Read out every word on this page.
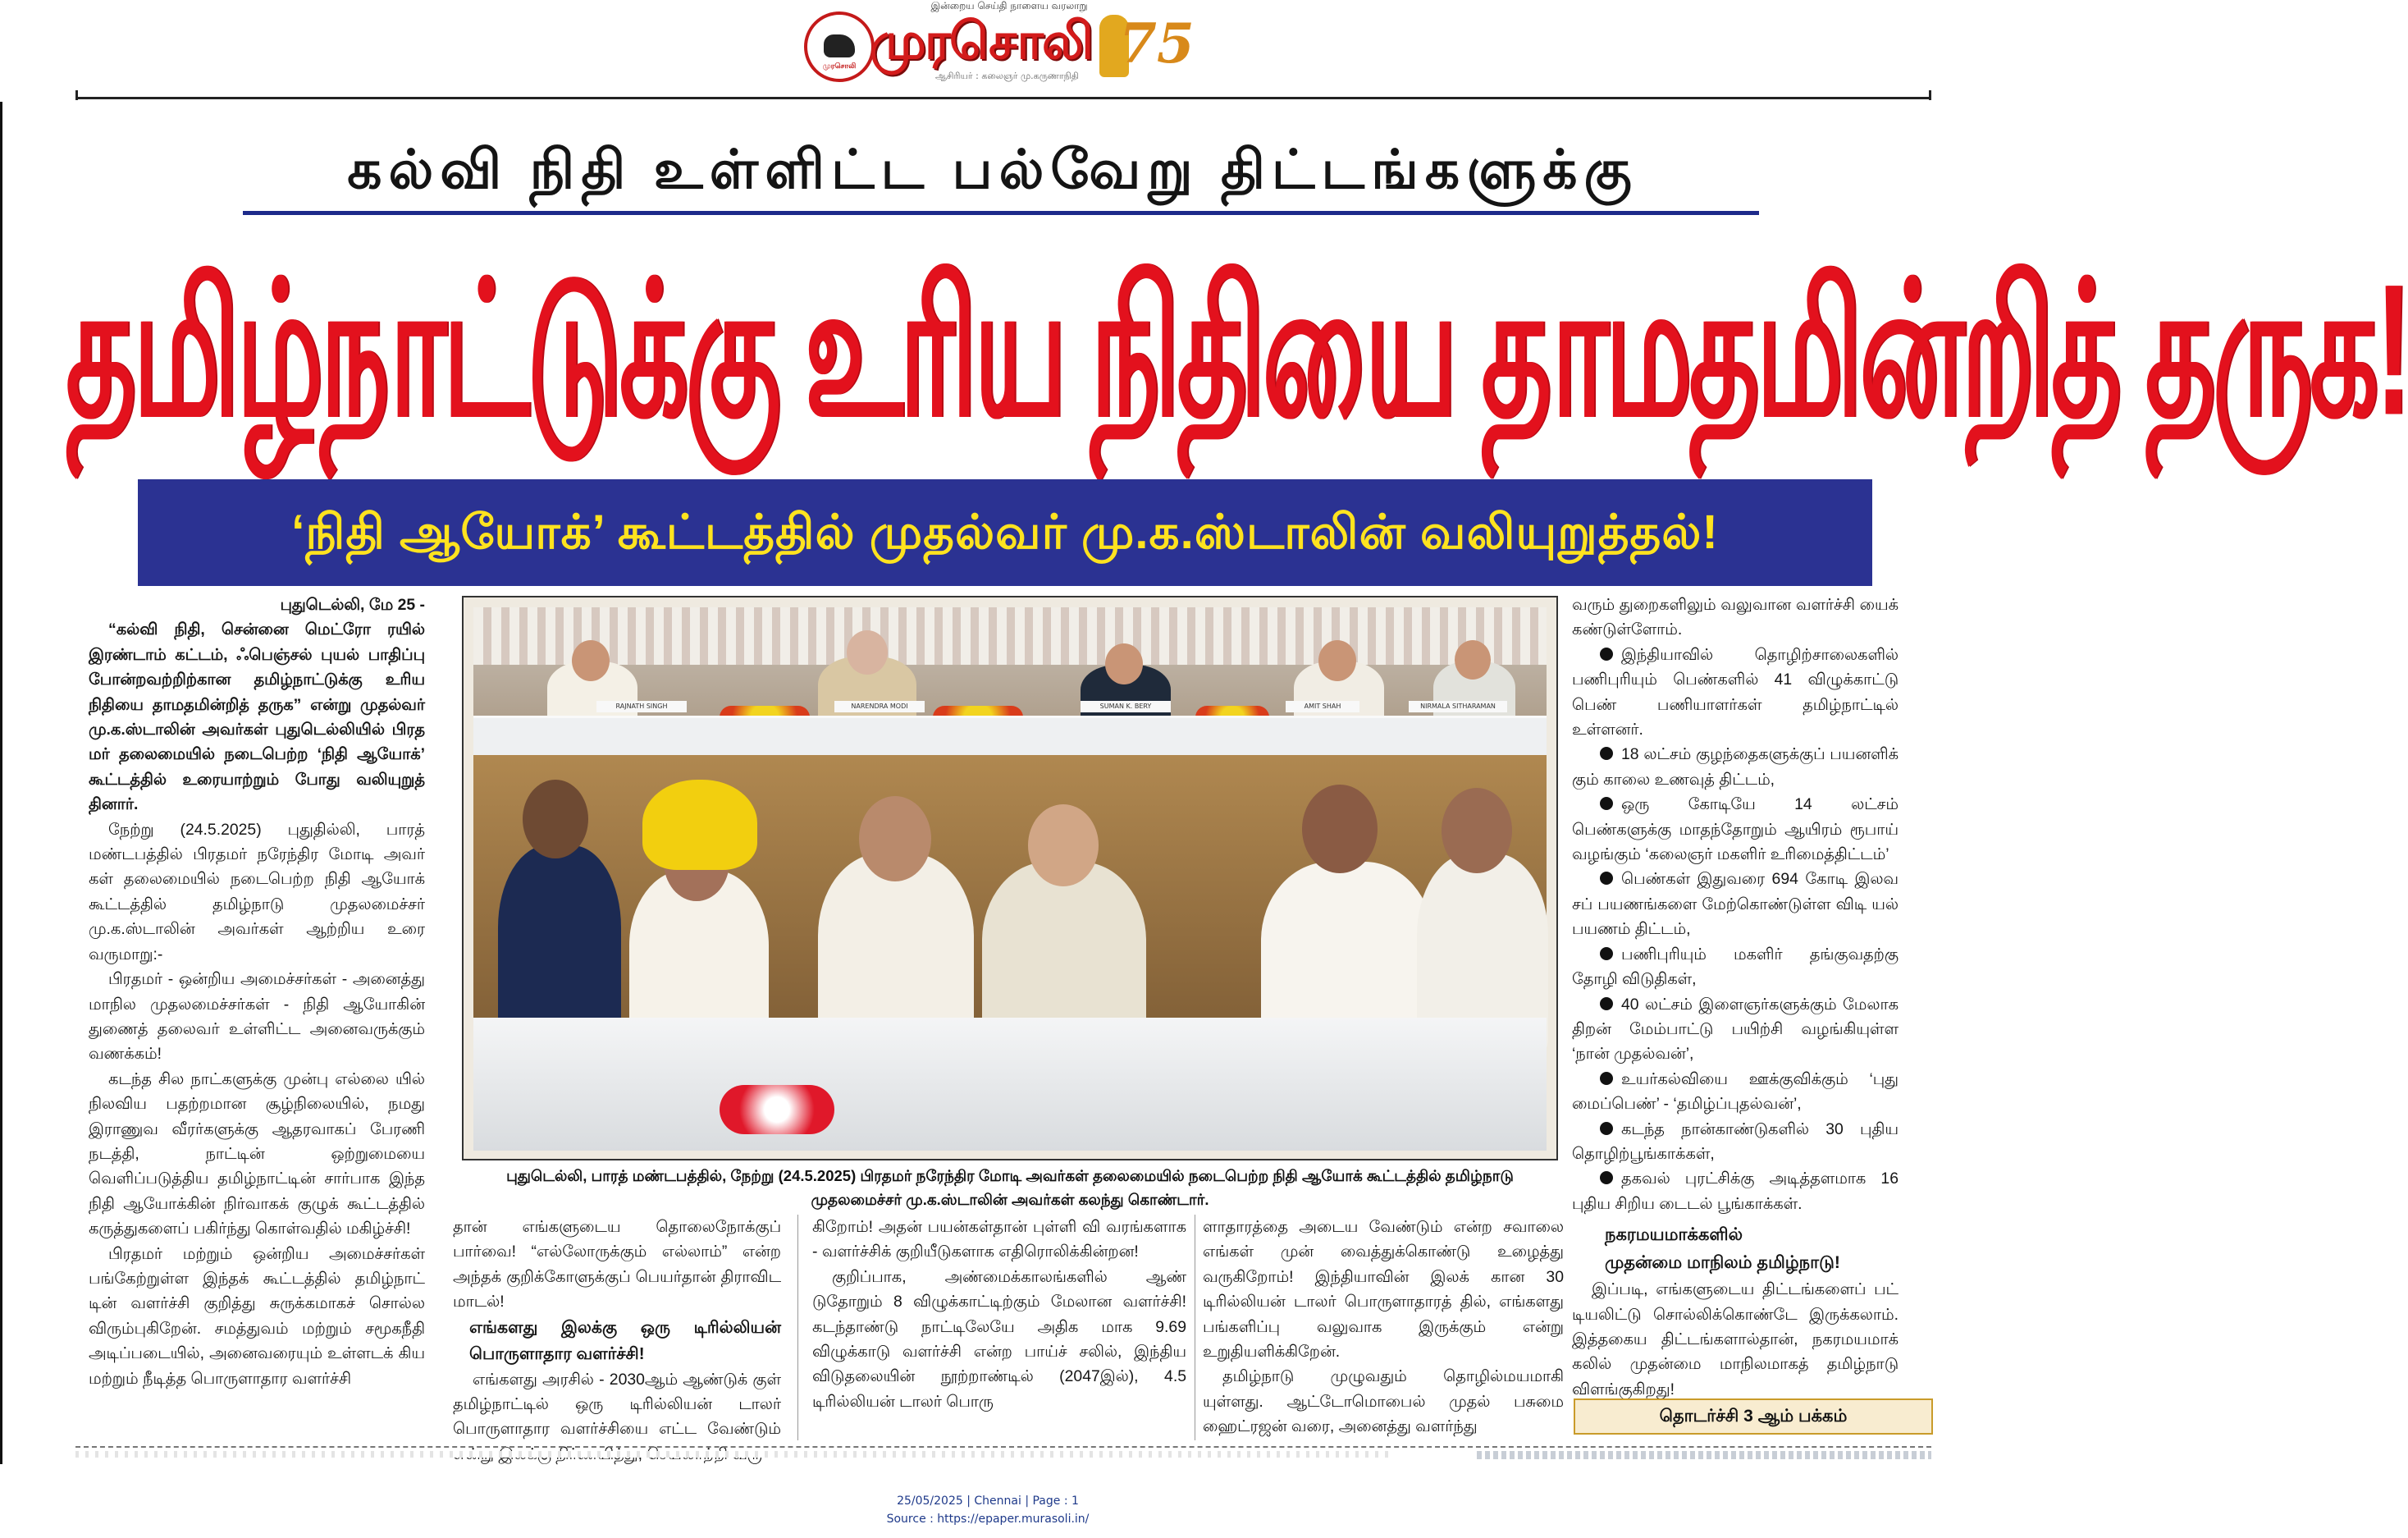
இன்றைய செய்தி நாளைய வரலாறு
முரசொலி முரசொலி
ஆசிரியர் : கலைஞர் மு.கருணாநிதி
75
கல்வி நிதி உள்ளிட்ட பல்வேறு திட்டங்களுக்கு
தமிழ்நாட்டுக்கு உரிய நிதியை தாமதமின்றித் தருக!
‘நிதி ஆயோக்’ கூட்டத்தில் முதல்வர் மு.க.ஸ்டாலின் வலியுறுத்தல்!

புதுடெல்லி, மே 25 -

“கல்வி நிதி, சென்னை மெட்ரோ ரயில் இரண்டாம் கட்டம், ஃபெஞ்சல் புயல் பாதிப்பு போன்றவற்றிற்கான தமிழ்நாட்டுக்கு உரிய நிதியை தாமதமின்றித் தருக” என்று முதல்வர் மு.க.ஸ்டாலின் அவர்கள் புதுடெல்லியில் பிரத மர் தலைமையில் நடைபெற்ற ‘நிதி ஆயோக்’ கூட்டத்தில் உரையாற்றும் போது வலியுறுத் தினார்.

நேற்று (24.5.2025) புதுதில்லி, பாரத் மண்டபத்தில் பிரதமர் நரேந்திர மோடி அவர் கள் தலைமையில் நடைபெற்ற நிதி ஆயோக் கூட்டத்தில் தமிழ்நாடு முதலமைச்சர் மு.க.ஸ்டாலின் அவர்கள் ஆற்றிய உரை வருமாறு:-

பிரதமர் - ஒன்றிய அமைச்சர்கள் - அனைத்து மாநில முதலமைச்சர்கள் - நிதி ஆயோகின் துணைத் தலைவர் உள்ளிட்ட அனைவருக்கும் வணக்கம்!

கடந்த சில நாட்களுக்கு முன்பு எல்லை யில் நிலவிய பதற்றமான சூழ்நிலையில், நமது இராணுவ வீரர்களுக்கு ஆதரவாகப் பேரணி நடத்தி, நாட்டின் ஒற்றுமையை வெளிப்படுத்திய தமிழ்நாட்டின் சார்பாக இந்த நிதி ஆயோக்கின் நிர்வாகக் குழுக் கூட்டத்தில் கருத்துகளைப் பகிர்ந்து கொள்வதில் மகிழ்ச்சி!

பிரதமர் மற்றும் ஒன்றிய அமைச்சர்கள் பங்கேற்றுள்ள இந்தக் கூட்டத்தில் தமிழ்நாட் டின் வளர்ச்சி குறித்து சுருக்கமாகச் சொல்ல விரும்புகிறேன். சமத்துவம் மற்றும் சமூகநீதி அடிப்படையில், அனைவரையும் உள்ளடக் கிய மற்றும் நீடித்த பொருளாதார வளர்ச்சி

RAJNATH SINGH	NARENDRA MODI	SUMAN K. BERY	AMIT SHAH	NIRMALA SITHARAMAN
புதுடெல்லி, பாரத் மண்டபத்தில், நேற்று (24.5.2025) பிரதமர் நரேந்திர மோடி அவர்கள் தலைமையில் நடைபெற்ற நிதி ஆயோக் கூட்டத்தில் தமிழ்நாடு முதலமைச்சர் மு.க.ஸ்டாலின் அவர்கள் கலந்து கொண்டார்.

தான் எங்களுடைய தொலைநோக்குப் பார்வை! “எல்லோருக்கும் எல்லாம்” என்ற அந்தக் குறிக்கோளுக்குப் பெயர்தான் திராவிட மாடல்!

எங்களது இலக்கு ஒரு டிரில்லியன் பொருளாதார வளர்ச்சி!

எங்களது அரசில் - 2030ஆம் ஆண்டுக் குள் தமிழ்நாட்டில் ஒரு டிரில்லியன் டாலர் பொருளாதார வளர்ச்சியை எட்ட வேண்டும்

கிறோம்! அதன் பயன்கள்தான் புள்ளி வி வரங்களாக - வளர்ச்சிக் குறியீடுகளாக எதிரொலிக்கின்றன!

குறிப்பாக, அண்மைக்காலங்களில் ஆண் டுதோறும் 8 விழுக்காட்டிற்கும் மேலான வளர்ச்சி! கடந்தாண்டு நாட்டிலேயே அதிக மாக 9.69 விழுக்காடு வளர்ச்சி என்ற பாய்ச் சலில், இந்திய விடுதலையின் நூற்றாண்டில் (2047இல்), 4.5 டிரில்லியன் டாலர் பொரு

ளாதாரத்தை அடைய வேண்டும் என்ற சவாலை எங்கள் முன் வைத்துக்கொண்டு உழைத்து வருகிறோம்! இந்தியாவின் இலக் கான 30 டிரில்லியன் டாலர் பொருளாதாரத் தில், எங்களது பங்களிப்பு வலுவாக இருக்கும் என்று உறுதியளிக்கிறேன்.

தமிழ்நாடு முழுவதும் தொழில்மயமாகி யுள்ளது. ஆட்டோமொபைல் முதல் பசுமை ஹைட்ரஜன் வரை, அனைத்து வளர்ந்து

வரும் துறைகளிலும் வலுவான வளர்ச்சி யைக் கண்டுள்ளோம்.

இந்தியாவில் தொழிற்சாலைகளில் பணிபுரியும் பெண்களில் 41 விழுக்காட்டு பெண் பணியாளர்கள் தமிழ்நாட்டில் உள்ளனர்.

18 லட்சம் குழந்தைகளுக்குப் பயனளிக் கும் காலை உணவுத் திட்டம்,

ஒரு கோடியே 14 லட்சம் பெண்களுக்கு மாதந்தோறும் ஆயிரம் ரூபாய் வழங்கும் ‘கலைஞர் மகளிர் உரிமைத்திட்டம்’

பெண்கள் இதுவரை 694 கோடி இலவ சப் பயணங்களை மேற்கொண்டுள்ள விடி யல் பயணம் திட்டம்,

பணிபுரியும் மகளிர் தங்குவதற்கு தோழி விடுதிகள்,

40 லட்சம் இளைஞர்களுக்கும் மேலாக திறன் மேம்பாட்டு பயிற்சி வழங்கியுள்ள ‘நான் முதல்வன்’,

உயர்கல்வியை ஊக்குவிக்கும் ‘புது மைப்பெண்’ - ‘தமிழ்ப்புதல்வன்’,

கடந்த நான்காண்டுகளில் 30 புதிய தொழிற்பூங்காக்கள்,

தகவல் புரட்சிக்கு அடித்தளமாக 16 புதிய சிறிய டைடல் பூங்காக்கள்.

நகரமயமாக்களில்

முதன்மை மாநிலம் தமிழ்நாடு!

இப்படி, எங்களுடைய திட்டங்களைப் பட் டியலிட்டு சொல்லிக்கொண்டே இருக்கலாம். இத்தகைய திட்டங்களால்தான், நகரமயமாக் கலில் முதன்மை மாநிலமாகத் தமிழ்நாடு விளங்குகிறது!

தொடர்ச்சி 3 ஆம் பக்கம்
25/05/2025 | Chennai | Page : 1
Source : https://epaper.murasoli.in/
